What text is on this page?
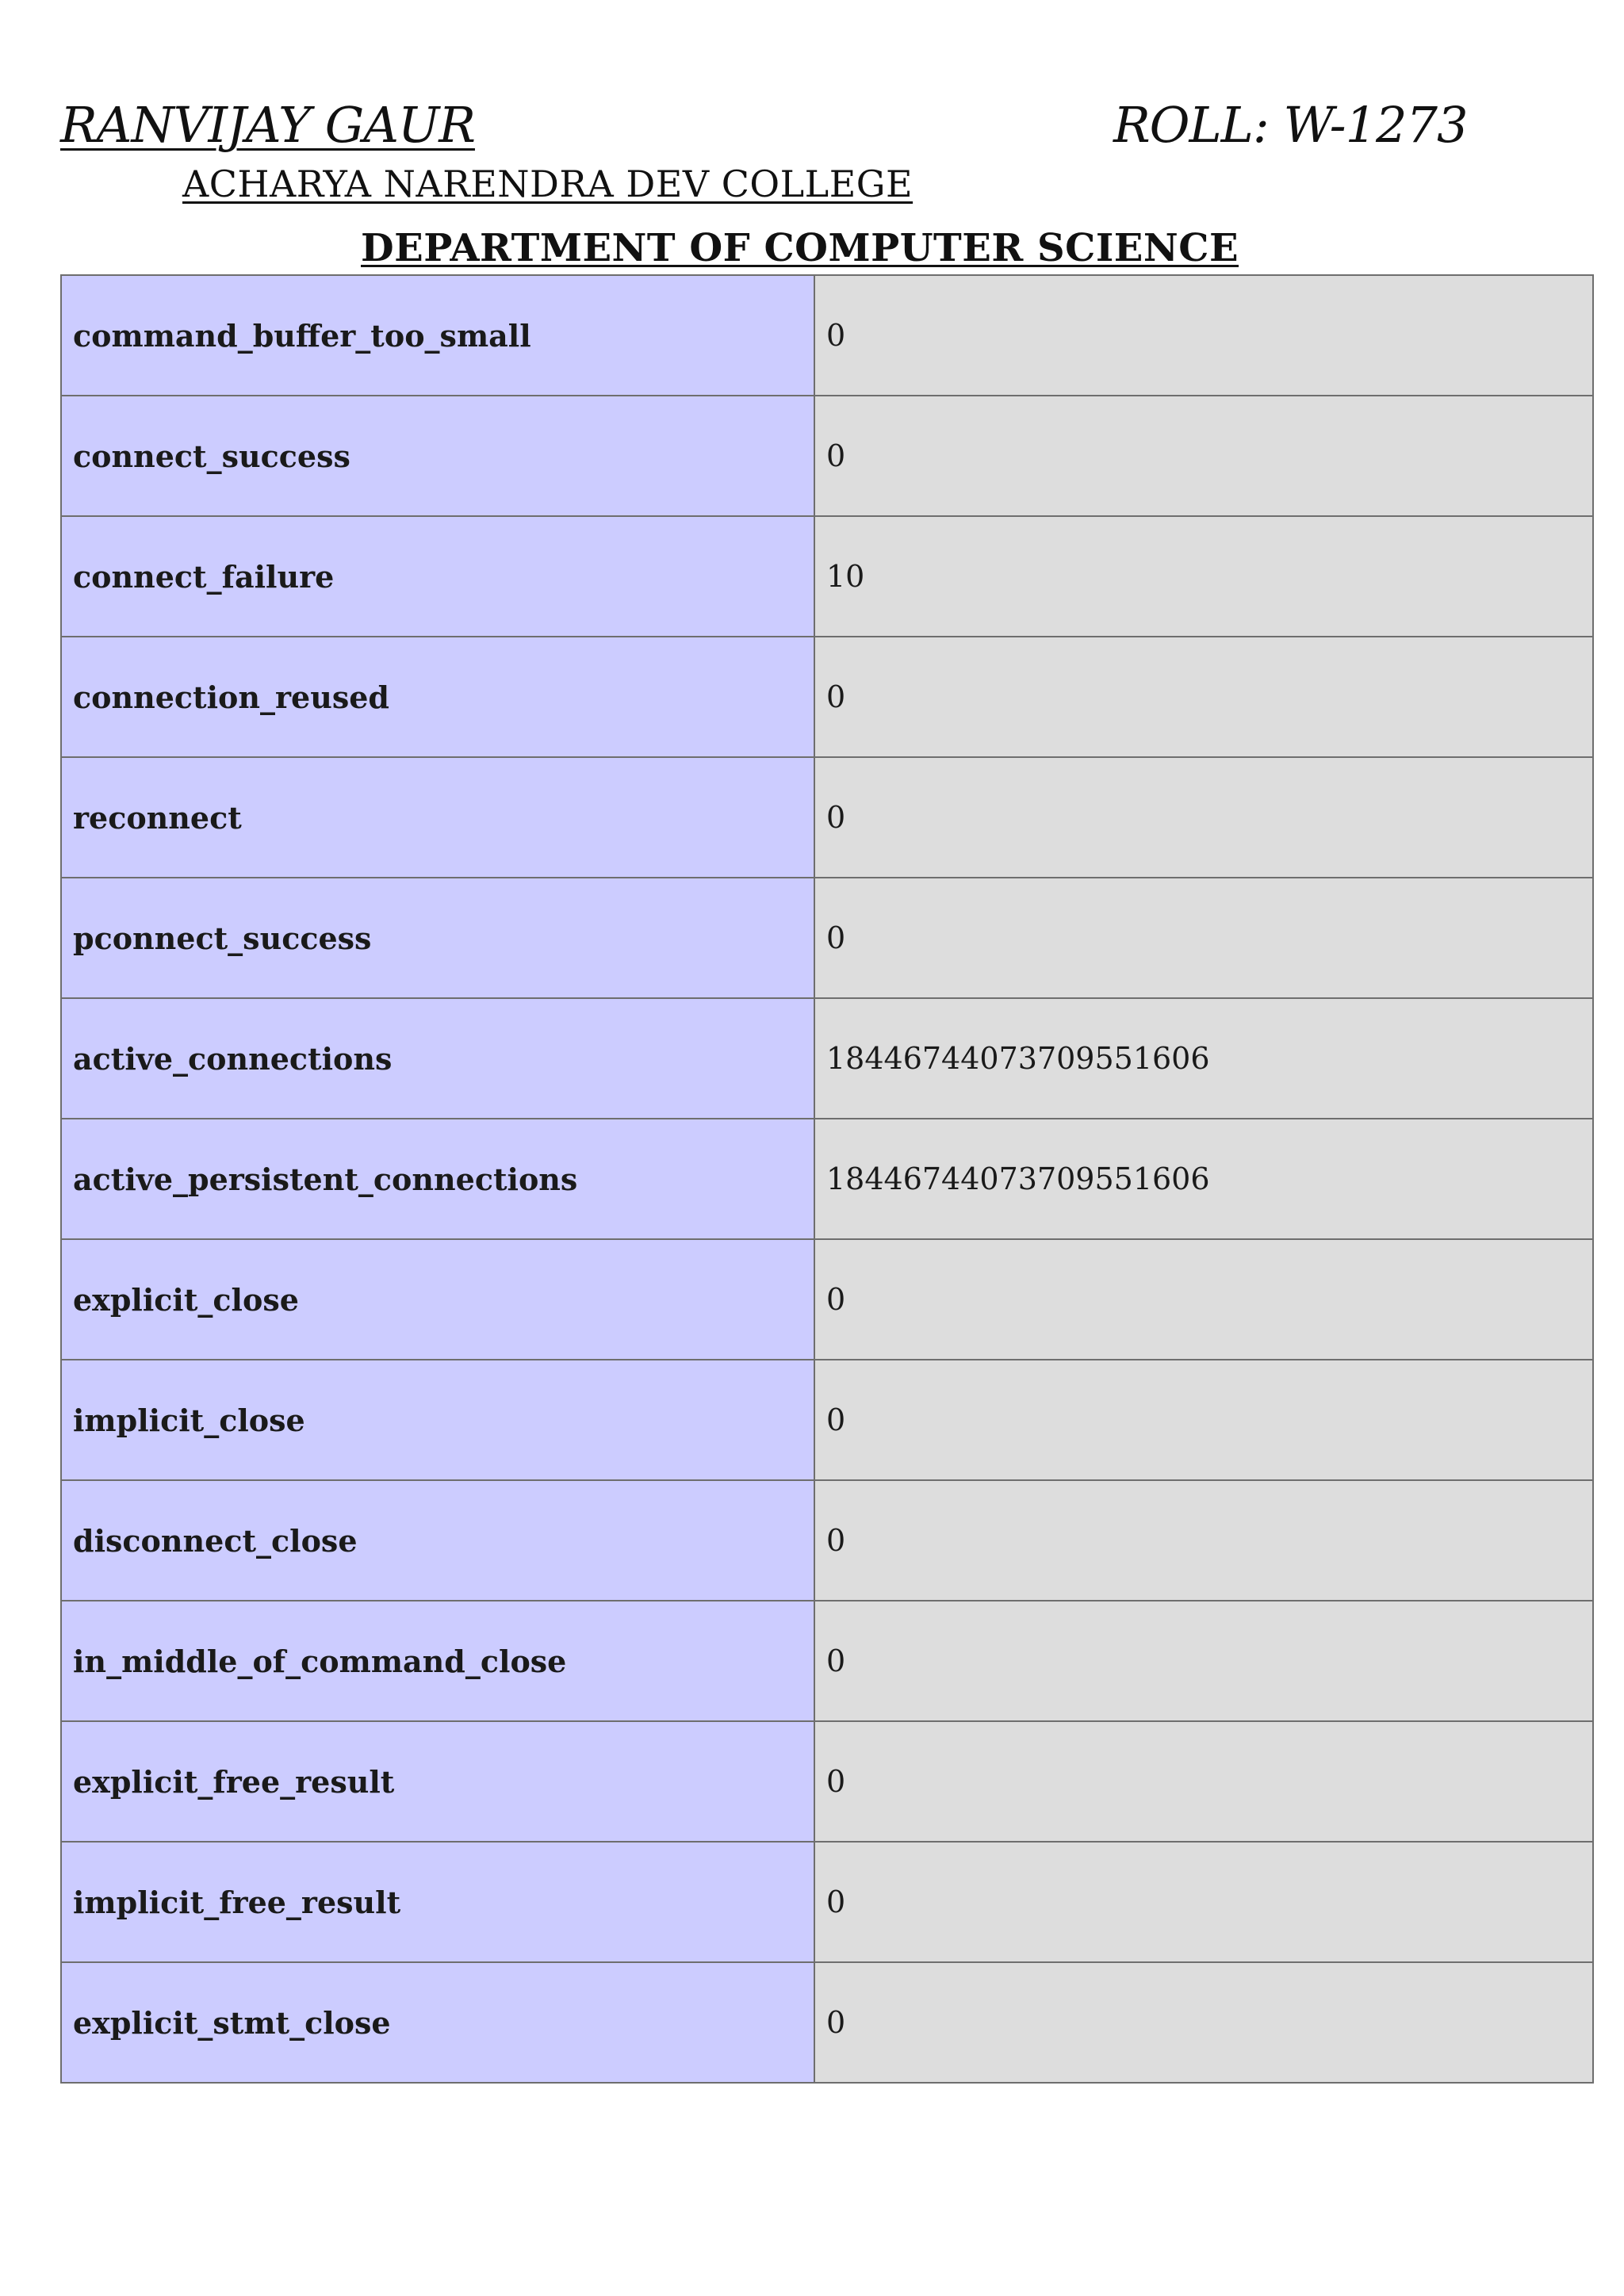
RANVIJAY GAUR	ROLL: W-1273
ACHARYA NARENDRA DEV COLLEGE
DEPARTMENT OF COMPUTER SCIENCE
command_buffer_too_small	0
connect_success	0
connect_failure	10
connection_reused	0
reconnect	0
pconnect_success	0
active_connections	18446744073709551606
active_persistent_connections	18446744073709551606
explicit_close	0
implicit_close	0
disconnect_close	0
in_middle_of_command_close	0
explicit_free_result	0
implicit_free_result	0
explicit_stmt_close	0
